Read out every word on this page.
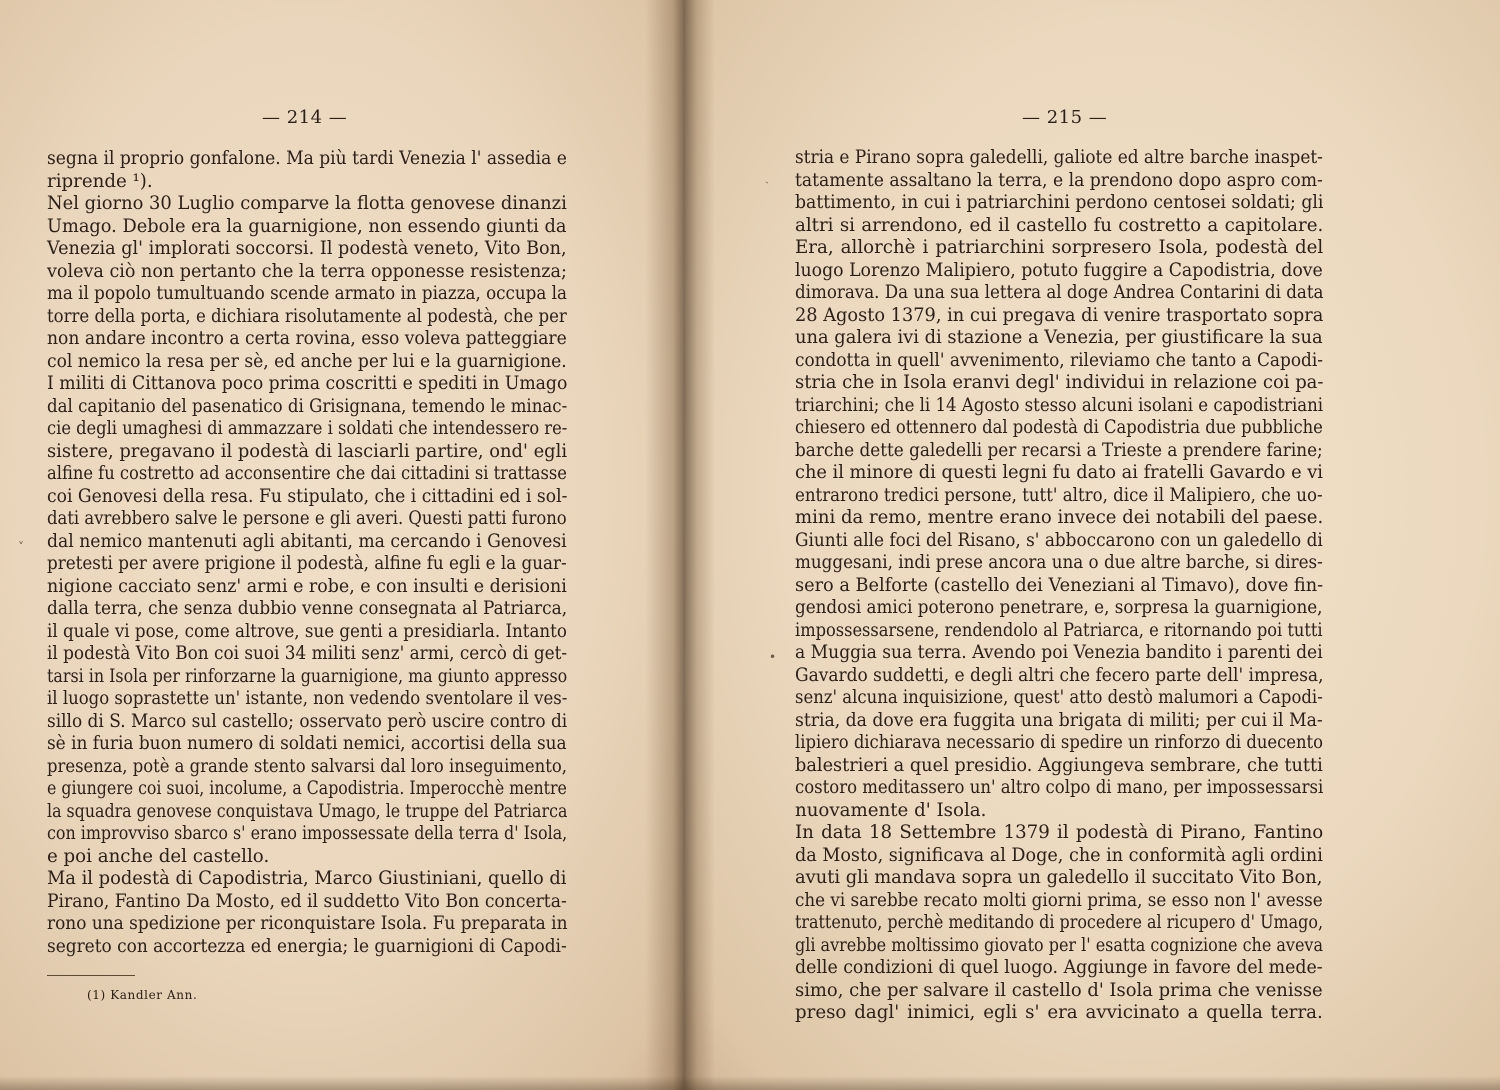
— 214 —
segna il proprio gonfalone. Ma più tardi Venezia l' assedia e
riprende ¹).
Nel giorno 30 Luglio comparve la flotta genovese dinanzi
Umago. Debole era la guarnigione, non essendo giunti da
Venezia gl' implorati soccorsi. Il podestà veneto, Vito Bon,
voleva ciò non pertanto che la terra opponesse resistenza;
ma il popolo tumultuando scende armato in piazza, occupa la
torre della porta, e dichiara risolutamente al podestà, che per
non andare incontro a certa rovina, esso voleva patteggiare
col nemico la resa per sè, ed anche per lui e la guarnigione.
I militi di Cittanova poco prima coscritti e spediti in Umago
dal capitanio del pasenatico di Grisignana, temendo le minac-
cie degli umaghesi di ammazzare i soldati che intendessero re-
sistere, pregavano il podestà di lasciarli partire, ond' egli
alfine fu costretto ad acconsentire che dai cittadini si trattasse
coi Genovesi della resa. Fu stipulato, che i cittadini ed i sol-
dati avrebbero salve le persone e gli averi. Questi patti furono
dal nemico mantenuti agli abitanti, ma cercando i Genovesi
pretesti per avere prigione il podestà, alfine fu egli e la guar-
nigione cacciato senz' armi e robe, e con insulti e derisioni
dalla terra, che senza dubbio venne consegnata al Patriarca,
il quale vi pose, come altrove, sue genti a presidiarla. Intanto
il podestà Vito Bon coi suoi 34 militi senz' armi, cercò di get-
tarsi in Isola per rinforzarne la guarnigione, ma giunto appresso
il luogo soprastette un' istante, non vedendo sventolare il ves-
sillo di S. Marco sul castello; osservato però uscire contro di
sè in furia buon numero di soldati nemici, accortisi della sua
presenza, potè a grande stento salvarsi dal loro inseguimento,
e giungere coi suoi, incolume, a Capodistria. Imperocchè mentre
la squadra genovese conquistava Umago, le truppe del Patriarca
con improvviso sbarco s' erano impossessate della terra d' Isola,
e poi anche del castello.
Ma il podestà di Capodistria, Marco Giustiniani, quello di
Pirano, Fantino Da Mosto, ed il suddetto Vito Bon concerta-
rono una spedizione per riconquistare Isola. Fu preparata in
segreto con accortezza ed energia; le guarnigioni di Capodi-
(1) Kandler Ann.
˅
— 215 —
stria e Pirano sopra galedelli, galiote ed altre barche inaspet-
tatamente assaltano la terra, e la prendono dopo aspro com-
battimento, in cui i patriarchini perdono centosei soldati; gli
altri si arrendono, ed il castello fu costretto a capitolare.
Era, allorchè i patriarchini sorpresero Isola, podestà del
luogo Lorenzo Malipiero, potuto fuggire a Capodistria, dove
dimorava. Da una sua lettera al doge Andrea Contarini di data
28 Agosto 1379, in cui pregava di venire trasportato sopra
una galera ivi di stazione a Venezia, per giustificare la sua
condotta in quell' avvenimento, rileviamo che tanto a Capodi-
stria che in Isola eranvi degl' individui in relazione coi pa-
triarchini; che li 14 Agosto stesso alcuni isolani e capodistriani
chiesero ed ottennero dal podestà di Capodistria due pubbliche
barche dette galedelli per recarsi a Trieste a prendere farine;
che il minore di questi legni fu dato ai fratelli Gavardo e vi
entrarono tredici persone, tutt' altro, dice il Malipiero, che uo-
mini da remo, mentre erano invece dei notabili del paese.
Giunti alle foci del Risano, s' abboccarono con un galedello di
muggesani, indi prese ancora una o due altre barche, si dires-
sero a Belforte (castello dei Veneziani al Timavo), dove fin-
gendosi amici poterono penetrare, e, sorpresa la guarnigione,
impossessarsene, rendendolo al Patriarca, e ritornando poi tutti
a Muggia sua terra. Avendo poi Venezia bandito i parenti dei
Gavardo suddetti, e degli altri che fecero parte dell' impresa,
senz' alcuna inquisizione, quest' atto destò malumori a Capodi-
stria, da dove era fuggita una brigata di militi; per cui il Ma-
lipiero dichiarava necessario di spedire un rinforzo di duecento
balestrieri a quel presidio. Aggiungeva sembrare, che tutti
costoro meditassero un' altro colpo di mano, per impossessarsi
nuovamente d' Isola.
In data 18 Settembre 1379 il podestà di Pirano, Fantino
da Mosto, significava al Doge, che in conformità agli ordini
avuti gli mandava sopra un galedello il succitato Vito Bon,
che vi sarebbe recato molti giorni prima, se esso non l' avesse
trattenuto, perchè meditando di procedere al ricupero d' Umago,
gli avrebbe moltissimo giovato per l' esatta cognizione che aveva
delle condizioni di quel luogo. Aggiunge in favore del mede-
simo, che per salvare il castello d' Isola prima che venisse
preso dagl' inimici, egli s' era avvicinato a quella terra.
ˏ
•
